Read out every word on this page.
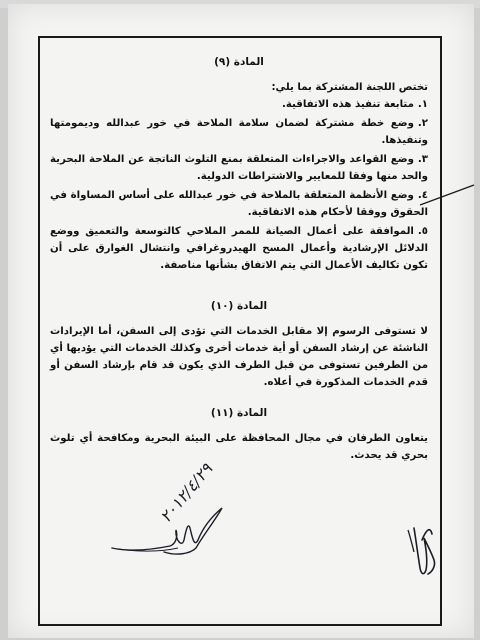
المادة (٩)

تختص اللجنة المشتركة بما يلي:

١.متابعة تنفيذ هذه الاتفاقية.
٢.وضع خطة مشتركة لضمان سلامة الملاحة في خور عبدالله وديمومتها وتنفيذها.
٣.وضع القواعد والاجراءات المتعلقة بمنع التلوث الناتجة عن الملاحة البحرية والحد منها وفقا للمعايير والاشتراطات الدولية.
٤.وضع الأنظمة المتعلقة بالملاحة في خور عبدالله على أساس المساواة في الحقوق ووفقا لأحكام هذه الاتفاقية.
٥.الموافقة على أعمال الصيانة للممر الملاحي كالتوسعة والتعميق ووضع الدلائل الإرشادية وأعمال المسح الهيدروغرافي وانتشال الغوارق على أن تكون تكاليف الأعمال التي يتم الاتفاق بشأنها مناصفة.

المادة (١٠)

لا تستوفى الرسوم إلا مقابل الخدمات التي تؤدى إلى السفن، أما الإيرادات الناشئة عن إرشاد السفن أو أية خدمات أخرى وكذلك الخدمات التي يؤديها أي من الطرفين تستوفى من قبل الطرف الذي يكون قد قام بإرشاد السفن أو قدم الخدمات المذكورة في أعلاه.

المادة (١١)

يتعاون الطرفان في مجال المحافظة على البيئة البحرية ومكافحة أي تلوث بحري قد يحدث.

٢٠١٢/٤/٢٩
